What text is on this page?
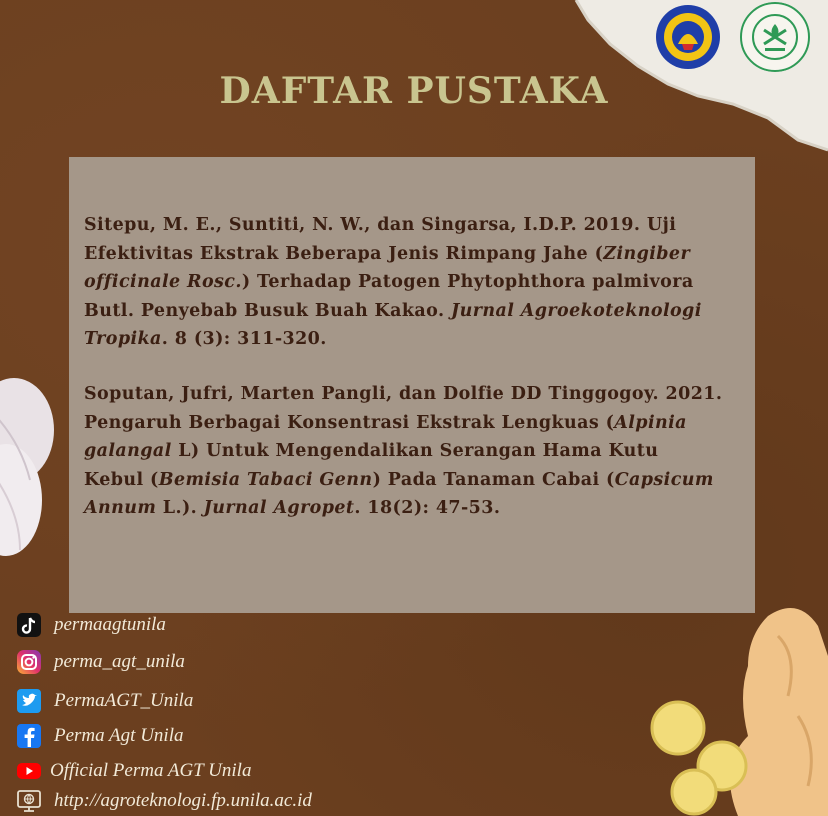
DAFTAR PUSTAKA
Sitepu, M. E., Suntiti, N. W., dan Singarsa, I.D.P. 2019. Uji Efektivitas Ekstrak Beberapa Jenis Rimpang Jahe (Zingiber officinale Rosc.) Terhadap Patogen Phytophthora palmivora Butl. Penyebab Busuk Buah Kakao. Jurnal Agroekoteknologi Tropika. 8 (3): 311-320.
Soputan, Jufri, Marten Pangli, dan Dolfie DD Tinggogoy. 2021. Pengaruh Berbagai Konsentrasi Ekstrak Lengkuas (Alpinia galangal L) Untuk Mengendalikan Serangan Hama Kutu Kebul (Bemisia Tabaci Genn) Pada Tanaman Cabai (Capsicum Annum L.). Jurnal Agropet. 18(2): 47-53.
permaagtunila
perma_agt_unila
PermaAGT_Unila
Perma Agt Unila
Official Perma AGT Unila
http://agroteknologi.fp.unila.ac.id
